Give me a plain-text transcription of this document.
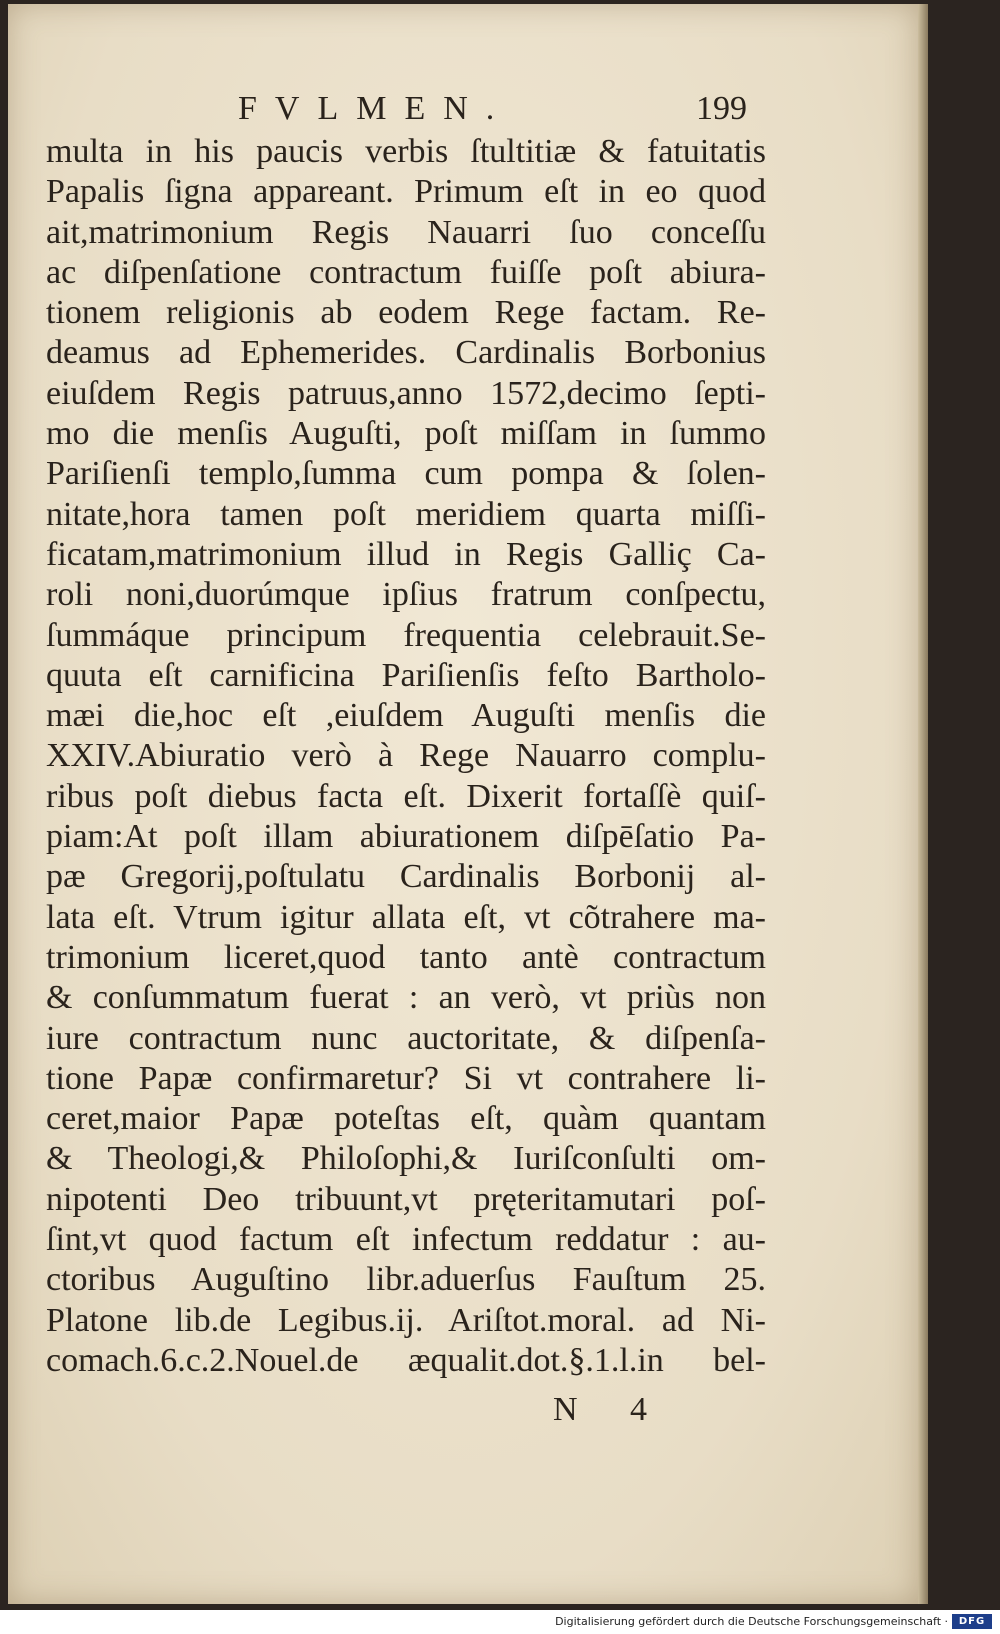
FVLMEN.	199
multa in his paucis verbis ſtultitiæ & fatuitatis
Papalis ſigna appareant. Primum eſt in eo quod
ait,matrimonium Regis Nauarri ſuo conceſſu
ac diſpenſatione contractum fuiſſe poſt abiura-
tionem religionis ab eodem Rege factam. Re-
deamus ad Ephemerides. Cardinalis Borbonius
eiuſdem Regis patruus,anno 1572,decimo ſepti-
mo die menſis Auguſti, poſt miſſam in ſummo
Pariſienſi templo,ſumma cum pompa & ſolen-
nitate,hora tamen poſt meridiem quarta miſſi-
ficatam,matrimonium illud in Regis Galliç Ca-
roli noni,duorúmque ipſius fratrum conſpectu,
ſummáque principum frequentia celebrauit.Se-
quuta eſt carnificina Pariſienſis feſto Bartholo-
mæi die,hoc eſt ,eiuſdem Auguſti menſis die
XXIV.Abiuratio verò à Rege Nauarro complu-
ribus poſt diebus facta eſt. Dixerit fortaſſè quiſ-
piam:At poſt illam abiurationem diſpēſatio Pa-
pæ Gregorij,poſtulatu Cardinalis Borbonij al-
lata eſt. Vtrum igitur allata eſt, vt cõtrahere ma-
trimonium liceret,quod tanto antè contractum
& conſummatum fuerat : an verò, vt priùs non
iure contractum nunc auctoritate, & diſpenſa-
tione Papæ confirmaretur? Si vt contrahere li-
ceret,maior Papæ poteſtas eſt, quàm quantam
& Theologi,& Philoſophi,& Iuriſconſulti om-
nipotenti Deo tribuunt,vt pręteritamutari poſ-
ſint,vt quod factum eſt infectum reddatur : au-
ctoribus Auguſtino libr.aduerſus Fauſtum 25.
Platone lib.de Legibus.ij. Ariſtot.moral. ad Ni-
comach.6.c.2.Nouel.de æqualit.dot.§.1.l.in bel-
N 4
Digitalisierung gefördert durch die Deutsche Forschungsgemeinschaft ·	DFG
